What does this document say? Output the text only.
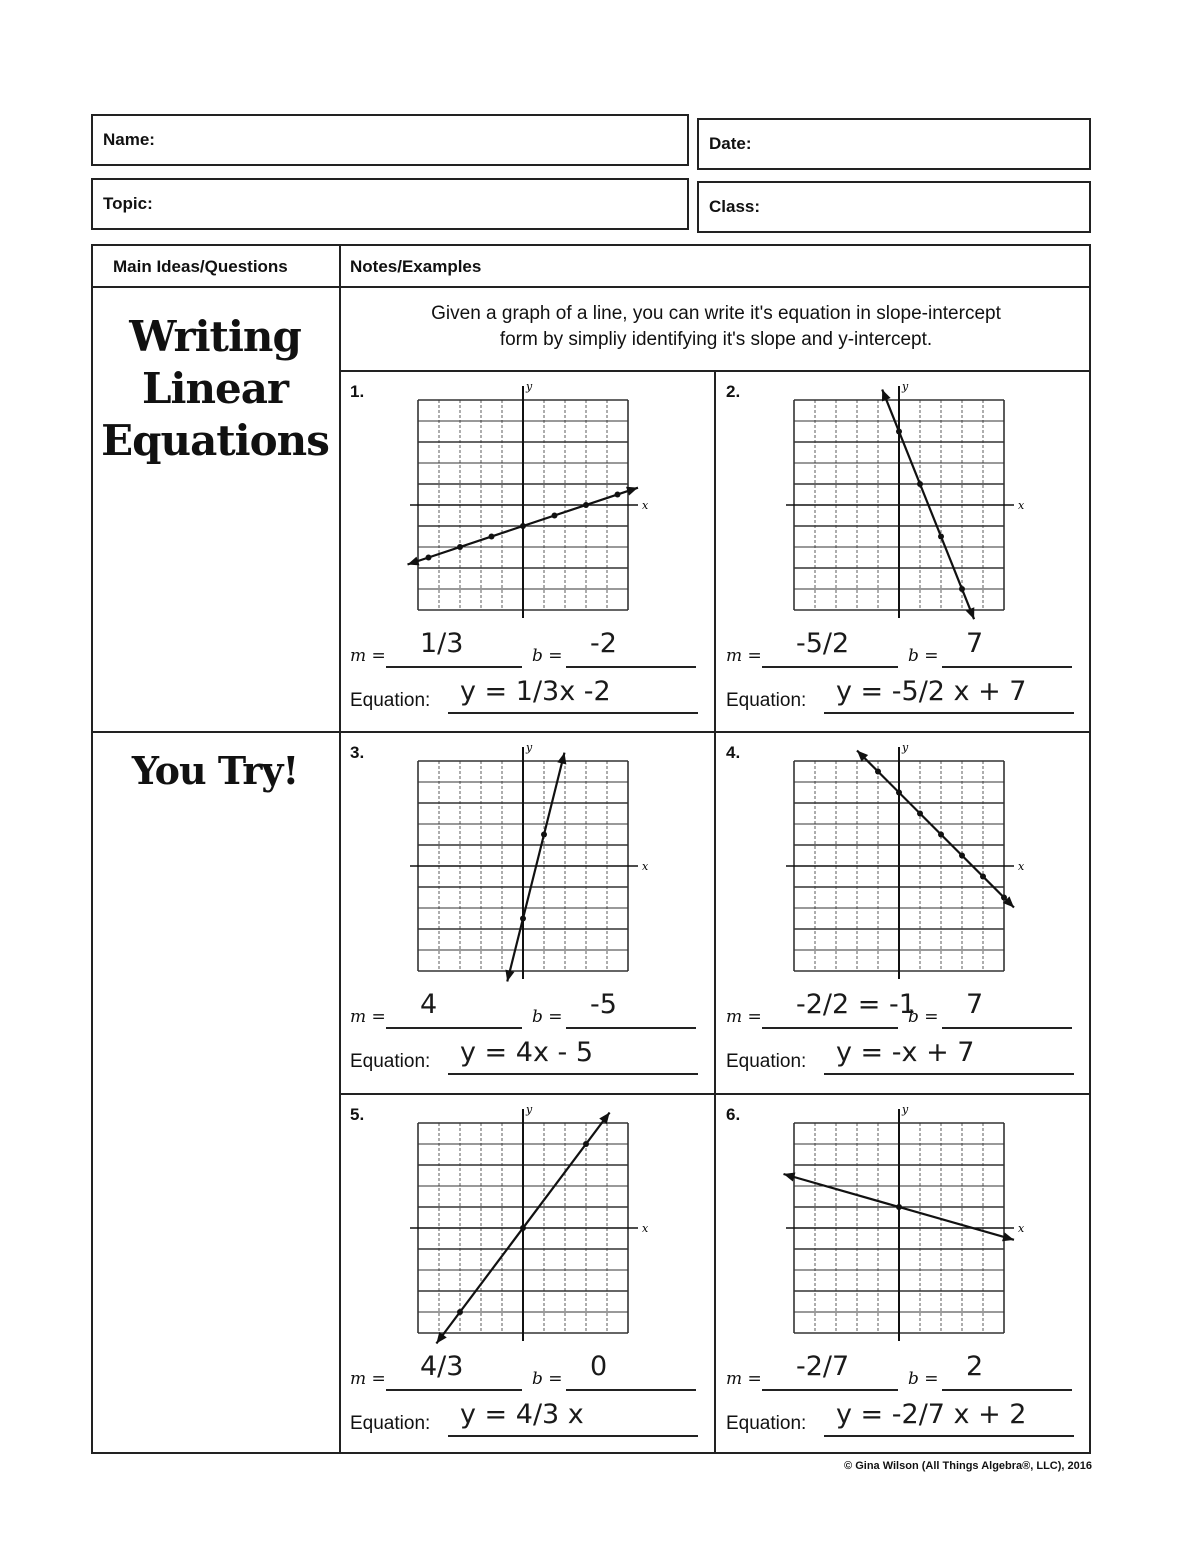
Name:	Date:
Topic:	Class:
Main Ideas/Questions	Notes/Examples
Writing
Linear
Equations
You Try!
Given a graph of a line, you can write it's equation in slope-intercept
form by simpliy identifying it's slope and y-intercept.
1.
x
y
m = 1/3	b = -2
Equation: y = 1/3x -2
2.
x
y
m = -5/2	b = 7
Equation: y = -5/2 x + 7
3.
x
y
m = 4	b = -5
Equation: y = 4x - 5
4.
x
y
m = -2/2 = -1
b = 7
Equation: y = -x + 7
5.
x
y
m = 4/3	b = 0
Equation: y = 4/3 x
6.
x
y
m = -2/7	b = 2
Equation: y = -2/7 x + 2
© Gina Wilson (All Things Algebra®, LLC), 2016
